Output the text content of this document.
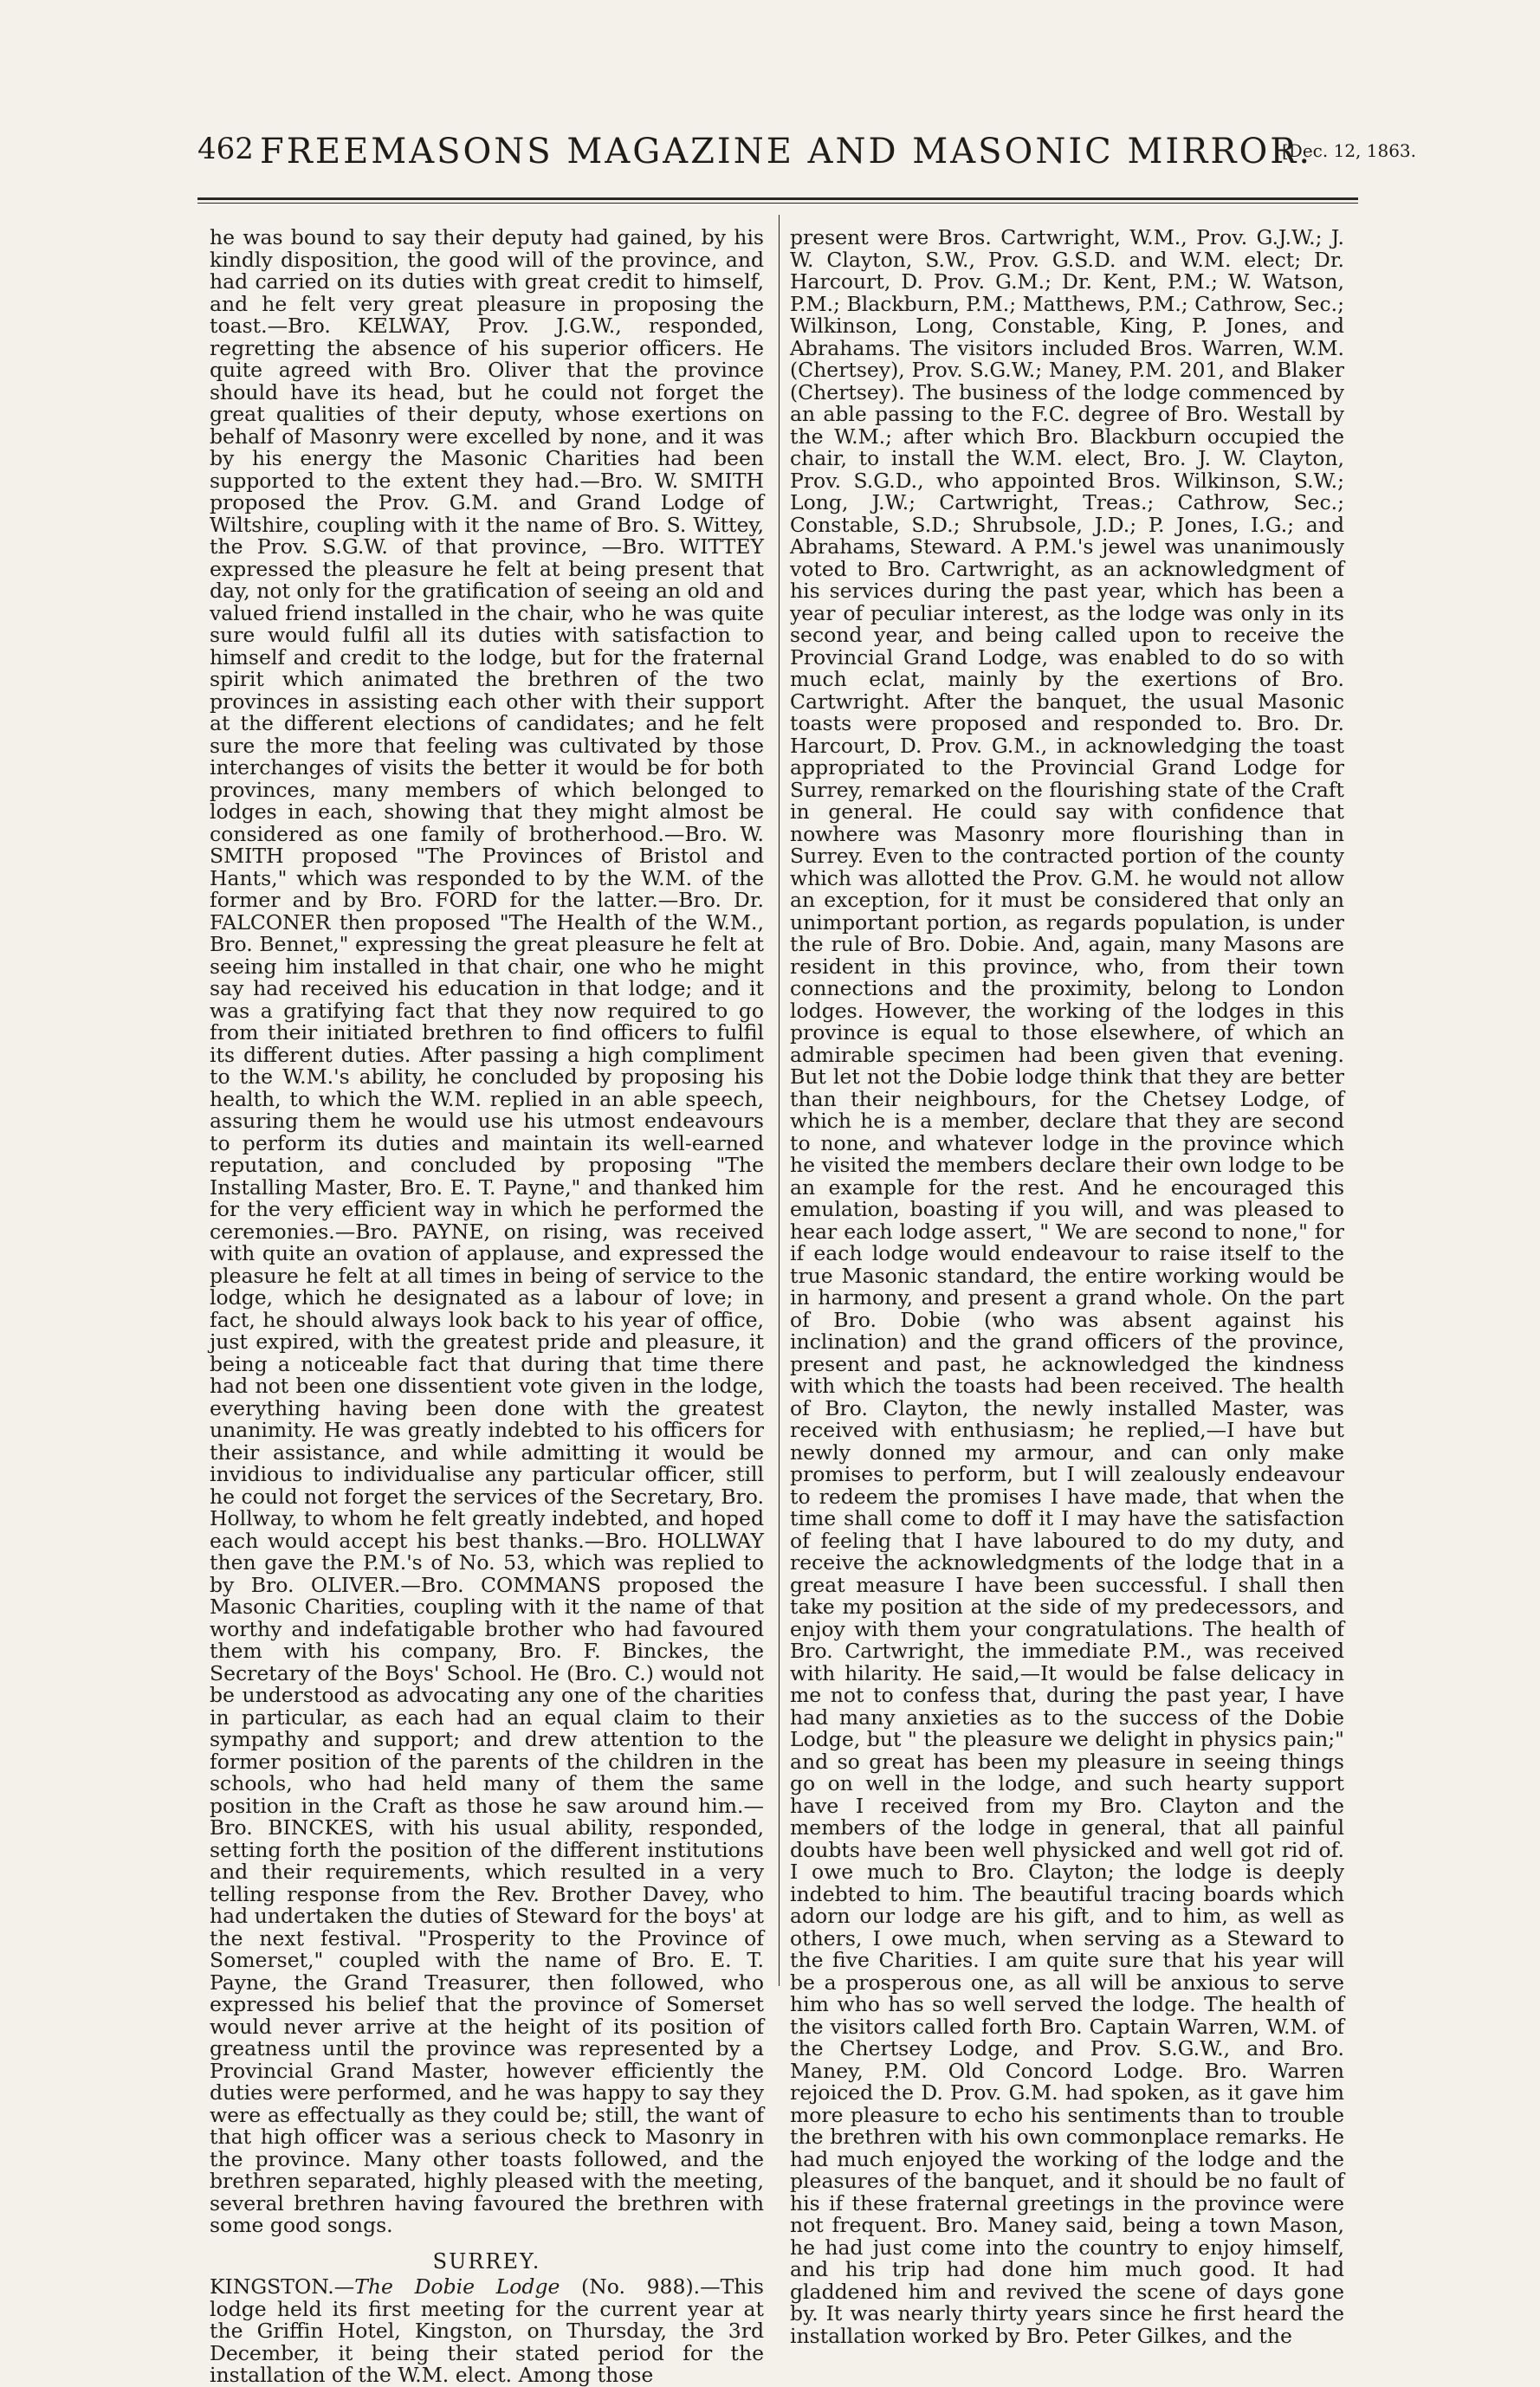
462 FREEMASONS MAGAZINE AND MASONIC MIRROR.
[Dec. 12, 1863.

he was bound to say their deputy had gained, by his kindly disposition, the good will of the province, and had carried on its duties with great credit to himself, and he felt very great pleasure in proposing the toast.—Bro. KELWAY, Prov. J.G.W., responded, regretting the absence of his superior officers. He quite agreed with Bro. Oliver that the province should have its head, but he could not forget the great qualities of their deputy, whose exertions on behalf of Masonry were excelled by none, and it was by his energy the Masonic Charities had been supported to the extent they had.—Bro. W. SMITH proposed the Prov. G.M. and Grand Lodge of Wiltshire, coupling with it the name of Bro. S. Wittey, the Prov. S.G.W. of that province, —Bro. WITTEY expressed the pleasure he felt at being present that day, not only for the gratification of seeing an old and valued friend installed in the chair, who he was quite sure would fulfil all its duties with satisfaction to himself and credit to the lodge, but for the fraternal spirit which animated the brethren of the two provinces in assisting each other with their support at the different elections of candidates; and he felt sure the more that feeling was cultivated by those interchanges of visits the better it would be for both provinces, many members of which belonged to lodges in each, showing that they might almost be considered as one family of brotherhood.—Bro. W. SMITH proposed "The Provinces of Bristol and Hants," which was responded to by the W.M. of the former and by Bro. FORD for the latter.—Bro. Dr. FALCONER then proposed "The Health of the W.M., Bro. Bennet," expressing the great pleasure he felt at seeing him installed in that chair, one who he might say had received his education in that lodge; and it was a gratifying fact that they now required to go from their initiated brethren to find officers to fulfil its different duties. After passing a high compliment to the W.M.'s ability, he concluded by proposing his health, to which the W.M. replied in an able speech, assuring them he would use his utmost endeavours to perform its duties and maintain its well-earned reputation, and concluded by proposing "The Installing Master, Bro. E. T. Payne," and thanked him for the very efficient way in which he performed the ceremonies.—Bro. PAYNE, on rising, was received with quite an ovation of applause, and expressed the pleasure he felt at all times in being of service to the lodge, which he designated as a labour of love; in fact, he should always look back to his year of office, just expired, with the greatest pride and pleasure, it being a noticeable fact that during that time there had not been one dissentient vote given in the lodge, everything having been done with the greatest unanimity. He was greatly indebted to his officers for their assistance, and while admitting it would be invidious to individualise any particular officer, still he could not forget the services of the Secretary, Bro. Hollway, to whom he felt greatly indebted, and hoped each would accept his best thanks.—Bro. HOLLWAY then gave the P.M.'s of No. 53, which was replied to by Bro. OLIVER.—Bro. COMMANS proposed the Masonic Charities, coupling with it the name of that worthy and indefatigable brother who had favoured them with his company, Bro. F. Binckes, the Secretary of the Boys' School. He (Bro. C.) would not be understood as advocating any one of the charities in particular, as each had an equal claim to their sympathy and support; and drew attention to the former position of the parents of the children in the schools, who had held many of them the same position in the Craft as those he saw around him.—Bro. BINCKES, with his usual ability, responded, setting forth the position of the different institutions and their requirements, which resulted in a very telling response from the Rev. Brother Davey, who had undertaken the duties of Steward for the boys' at the next festival. "Prosperity to the Province of Somerset," coupled with the name of Bro. E. T. Payne, the Grand Treasurer, then followed, who expressed his belief that the province of Somerset would never arrive at the height of its position of greatness until the province was represented by a Provincial Grand Master, however efficiently the duties were performed, and he was happy to say they were as effectually as they could be; still, the want of that high officer was a serious check to Masonry in the province. Many other toasts followed, and the brethren separated, highly pleased with the meeting, several brethren having favoured the brethren with some good songs.

SURREY.

KINGSTON.—The Dobie Lodge (No. 988).—This lodge held its first meeting for the current year at the Griffin Hotel, Kingston, on Thursday, the 3rd December, it being their stated period for the installation of the W.M. elect. Among those

present were Bros. Cartwright, W.M., Prov. G.J.W.; J. W. Clayton, S.W., Prov. G.S.D. and W.M. elect; Dr. Harcourt, D. Prov. G.M.; Dr. Kent, P.M.; W. Watson, P.M.; Blackburn, P.M.; Matthews, P.M.; Cathrow, Sec.; Wilkinson, Long, Constable, King, P. Jones, and Abrahams. The visitors included Bros. Warren, W.M. (Chertsey), Prov. S.G.W.; Maney, P.M. 201, and Blaker (Chertsey). The business of the lodge commenced by an able passing to the F.C. degree of Bro. Westall by the W.M.; after which Bro. Blackburn occupied the chair, to install the W.M. elect, Bro. J. W. Clayton, Prov. S.G.D., who appointed Bros. Wilkinson, S.W.; Long, J.W.; Cartwright, Treas.; Cathrow, Sec.; Constable, S.D.; Shrubsole, J.D.; P. Jones, I.G.; and Abrahams, Steward. A P.M.'s jewel was unanimously voted to Bro. Cartwright, as an acknowledgment of his services during the past year, which has been a year of peculiar interest, as the lodge was only in its second year, and being called upon to receive the Provincial Grand Lodge, was enabled to do so with much eclat, mainly by the exertions of Bro. Cartwright. After the banquet, the usual Masonic toasts were proposed and responded to. Bro. Dr. Harcourt, D. Prov. G.M., in acknowledging the toast appropriated to the Provincial Grand Lodge for Surrey, remarked on the flourishing state of the Craft in general. He could say with confidence that nowhere was Masonry more flourishing than in Surrey. Even to the contracted portion of the county which was allotted the Prov. G.M. he would not allow an exception, for it must be considered that only an unimportant portion, as regards population, is under the rule of Bro. Dobie. And, again, many Masons are resident in this province, who, from their town connections and the proximity, belong to London lodges. However, the working of the lodges in this province is equal to those elsewhere, of which an admirable specimen had been given that evening. But let not the Dobie lodge think that they are better than their neighbours, for the Chetsey Lodge, of which he is a member, declare that they are second to none, and whatever lodge in the province which he visited the members declare their own lodge to be an example for the rest. And he encouraged this emulation, boasting if you will, and was pleased to hear each lodge assert, " We are second to none," for if each lodge would endeavour to raise itself to the true Masonic standard, the entire working would be in harmony, and present a grand whole. On the part of Bro. Dobie (who was absent against his inclination) and the grand officers of the province, present and past, he acknowledged the kindness with which the toasts had been received. The health of Bro. Clayton, the newly installed Master, was received with enthusiasm; he replied,—I have but newly donned my armour, and can only make promises to perform, but I will zealously endeavour to redeem the promises I have made, that when the time shall come to doff it I may have the satisfaction of feeling that I have laboured to do my duty, and receive the acknowledgments of the lodge that in a great measure I have been successful. I shall then take my position at the side of my predecessors, and enjoy with them your congratulations. The health of Bro. Cartwright, the immediate P.M., was received with hilarity. He said,—It would be false delicacy in me not to confess that, during the past year, I have had many anxieties as to the success of the Dobie Lodge, but " the pleasure we delight in physics pain;" and so great has been my pleasure in seeing things go on well in the lodge, and such hearty support have I received from my Bro. Clayton and the members of the lodge in general, that all painful doubts have been well physicked and well got rid of. I owe much to Bro. Clayton; the lodge is deeply indebted to him. The beautiful tracing boards which adorn our lodge are his gift, and to him, as well as others, I owe much, when serving as a Steward to the five Charities. I am quite sure that his year will be a prosperous one, as all will be anxious to serve him who has so well served the lodge. The health of the visitors called forth Bro. Captain Warren, W.M. of the Chertsey Lodge, and Prov. S.G.W., and Bro. Maney, P.M. Old Concord Lodge. Bro. Warren rejoiced the D. Prov. G.M. had spoken, as it gave him more pleasure to echo his sentiments than to trouble the brethren with his own commonplace remarks. He had much enjoyed the working of the lodge and the pleasures of the banquet, and it should be no fault of his if these fraternal greetings in the province were not frequent. Bro. Maney said, being a town Mason, he had just come into the country to enjoy himself, and his trip had done him much good. It had gladdened him and revived the scene of days gone by. It was nearly thirty years since he first heard the installation worked by Bro. Peter Gilkes, and the
